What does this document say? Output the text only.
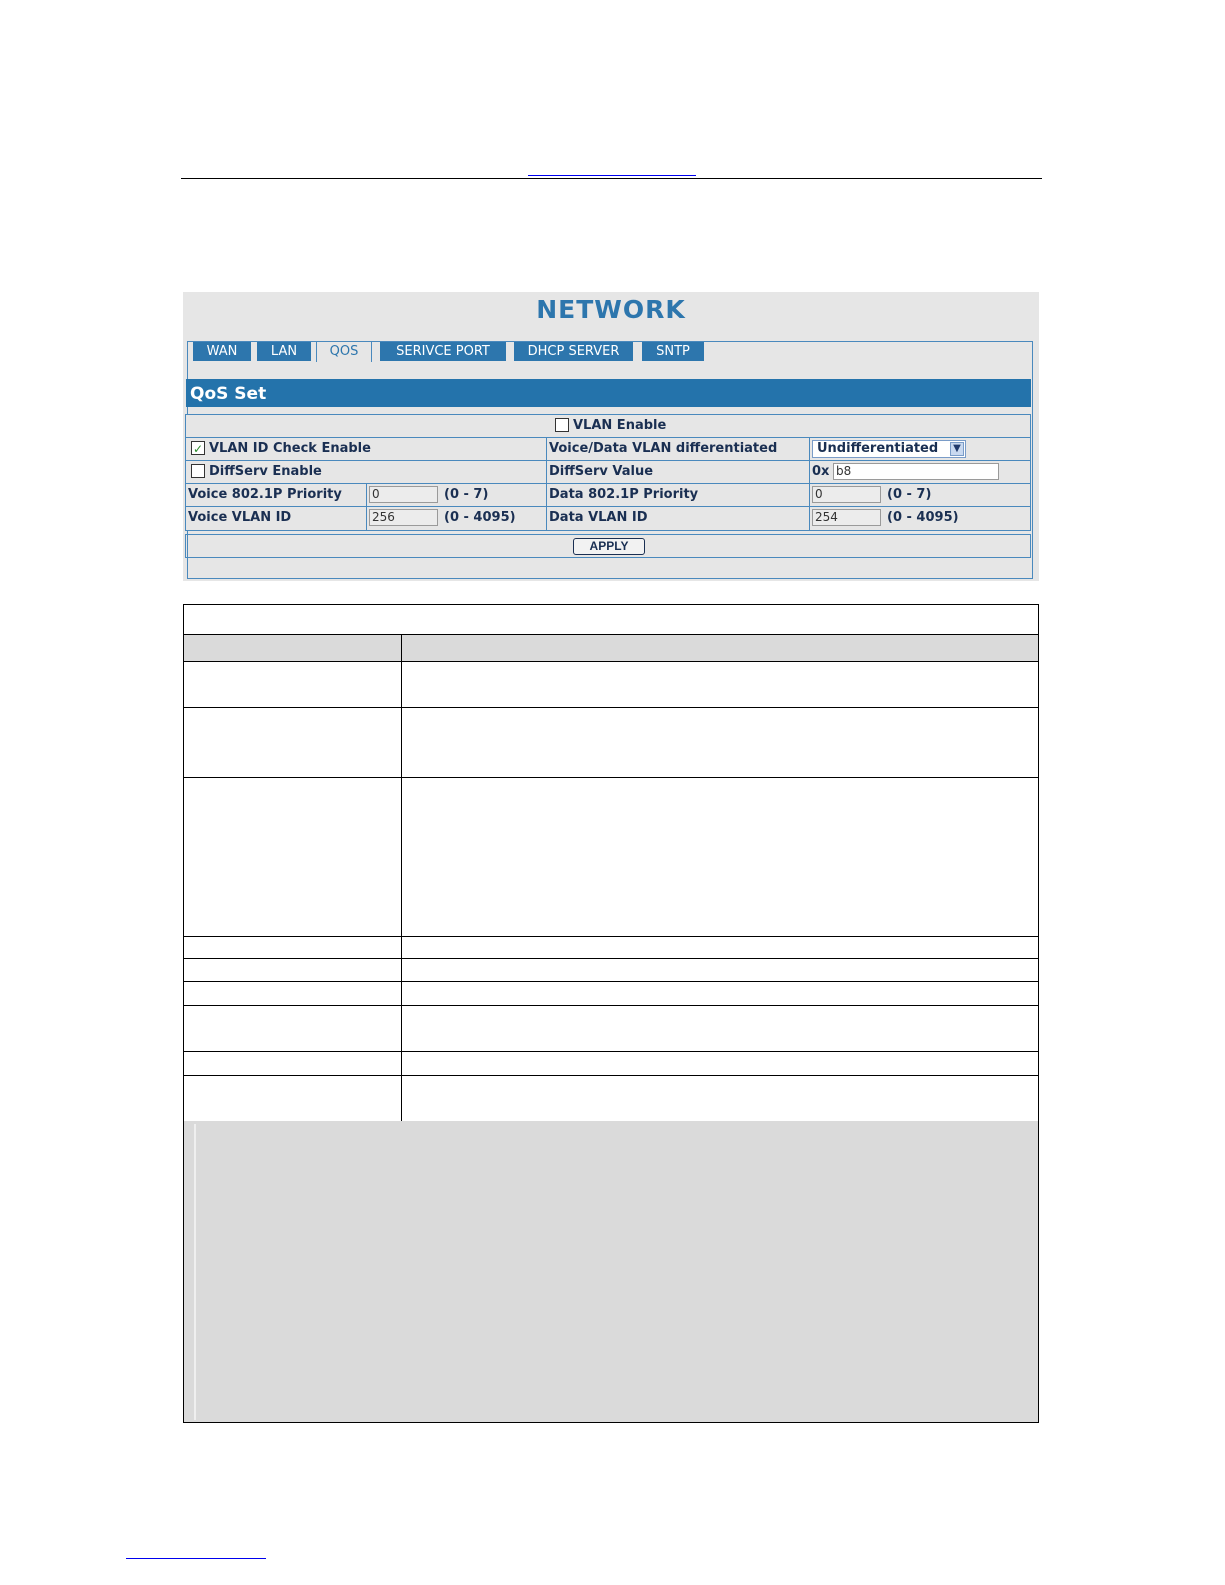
NETWORK
WAN	LAN	QOS	SERIVCE PORT	DHCP SERVER	SNTP
QoS Set
VLAN Enable
✓VLAN ID Check Enable	Voice/Data VLAN differentiated	Undifferentiated	▼
DiffServ Enable	DiffServ Value	0x b8
Voice 802.1P Priority	0	(0 - 7)	Data 802.1P Priority	0	(0 - 7)
Voice VLAN ID	256	(0 - 4095)	Data VLAN ID	254	(0 - 4095)
APPLY
